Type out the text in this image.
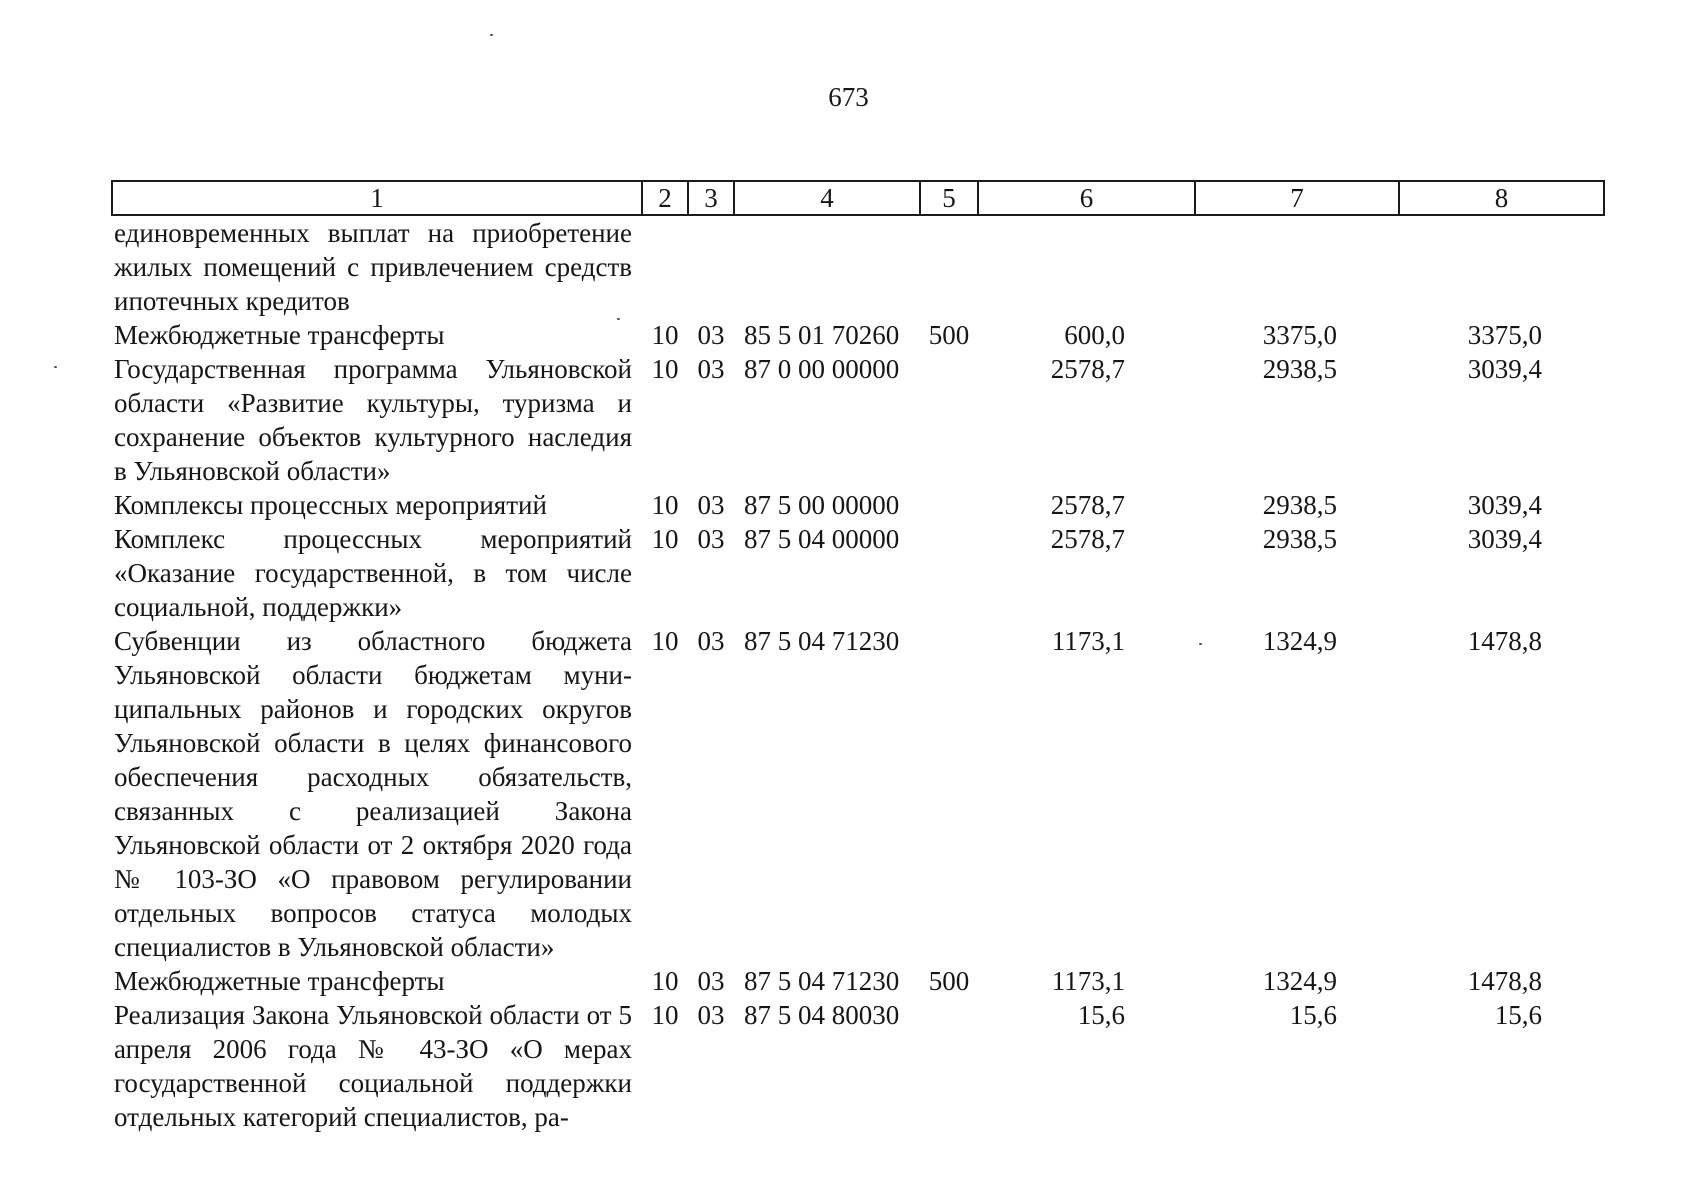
673
1	2	3	4	5	6	7	8
единовременных выплат на приобретение жилых помещений с привлечением средств ипотечных кредитов							
Межбюджетные трансферты	10	03	85 5 01 70260	500	600,0	3375,0	3375,0
Государственная программа Ульяновской области «Развитие культуры, туризма и сохранение объектов культурного наследия в Ульяновской области»	10	03	87 0 00 00000		2578,7	2938,5	3039,4
Комплексы процессных мероприятий	10	03	87 5 00 00000		2578,7	2938,5	3039,4
Комплекс процессных мероприятий «Оказание государственной, в том числе социальной, поддержки»	10	03	87 5 04 00000		2578,7	2938,5	3039,4
Субвенции из областного бюджета Ульяновской области бюджетам муниципальных районов и городских округов Ульяновской области в целях финансового обеспечения расходных обязательств, связанных с реализацией Закона Ульяновской области от 2 октября 2020 года № 103-ЗО «О правовом регулировании отдельных вопросов статуса молодых специалистов в Ульяновской области»	10	03	87 5 04 71230		1173,1	1324,9	1478,8
Межбюджетные трансферты	10	03	87 5 04 71230	500	1173,1	1324,9	1478,8
Реализация Закона Ульяновской области от 5 апреля 2006 года № 43-ЗО «О мерах государственной социальной поддержки отдельных категорий специалистов, ра-	10	03	87 5 04 80030		15,6	15,6	15,6
